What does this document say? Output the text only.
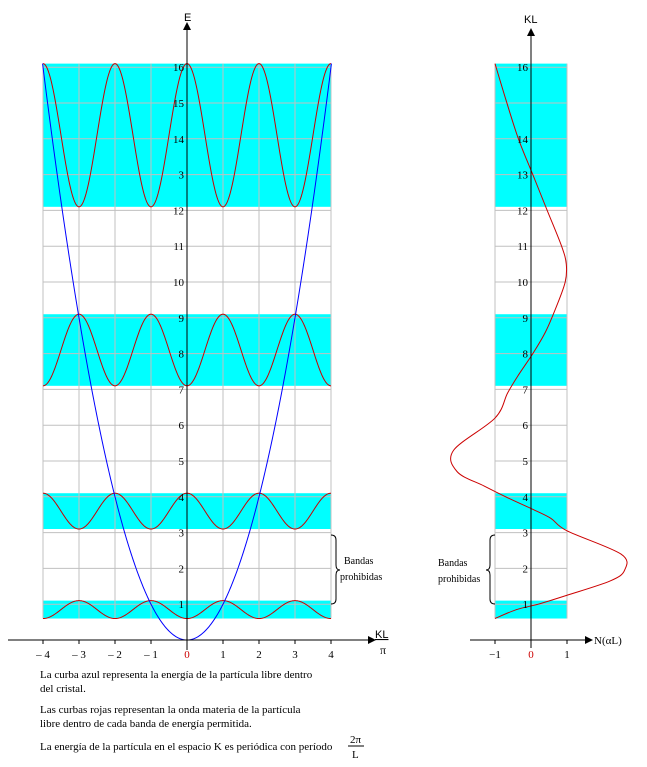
E
KL
π
– 4 – 3 – 2 – 1 0	1	2	3	4
1
2
3
4
5
6
7
8
9
10
11
12
3
14
15
16
Bandas
prohibidas
KL
N(αL)
−1 0	1
1
2
3
4
5
6
7
8
9
10
11
12
13
14
16
Bandas
prohibidas
2π
L
La curba azul representa la energía de la partícula libre dentro
del cristal.
Las curbas rojas representan la onda materia de la partícula
libre dentro de cada banda de energía permitida.
La energía de la partícula en el espacio K es periódica con período
